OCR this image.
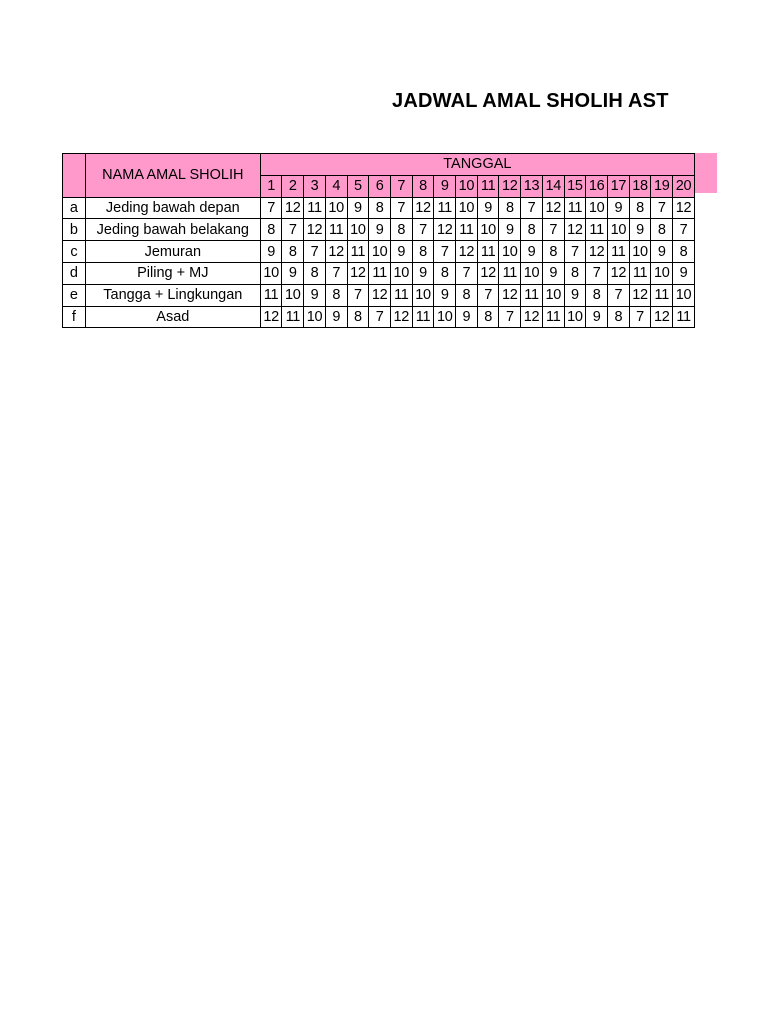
JADWAL AMAL SHOLIH AST
	NAMA AMAL SHOLIH	TANGGAL																			
		1	2	3	4	5	6	7	8	9	10	11	12	13	14	15	16	17	18	19	20
a	Jeding bawah depan	7	12	11	10	9	8	7	12	11	10	9	8	7	12	11	10	9	8	7	12
b	Jeding bawah belakang	8	7	12	11	10	9	8	7	12	11	10	9	8	7	12	11	10	9	8	7
c	Jemuran	9	8	7	12	11	10	9	8	7	12	11	10	9	8	7	12	11	10	9	8
d	Piling + MJ	10	9	8	7	12	11	10	9	8	7	12	11	10	9	8	7	12	11	10	9
e	Tangga + Lingkungan	11	10	9	8	7	12	11	10	9	8	7	12	11	10	9	8	7	12	11	10
f	Asad	12	11	10	9	8	7	12	11	10	9	8	7	12	11	10	9	8	7	12	11
